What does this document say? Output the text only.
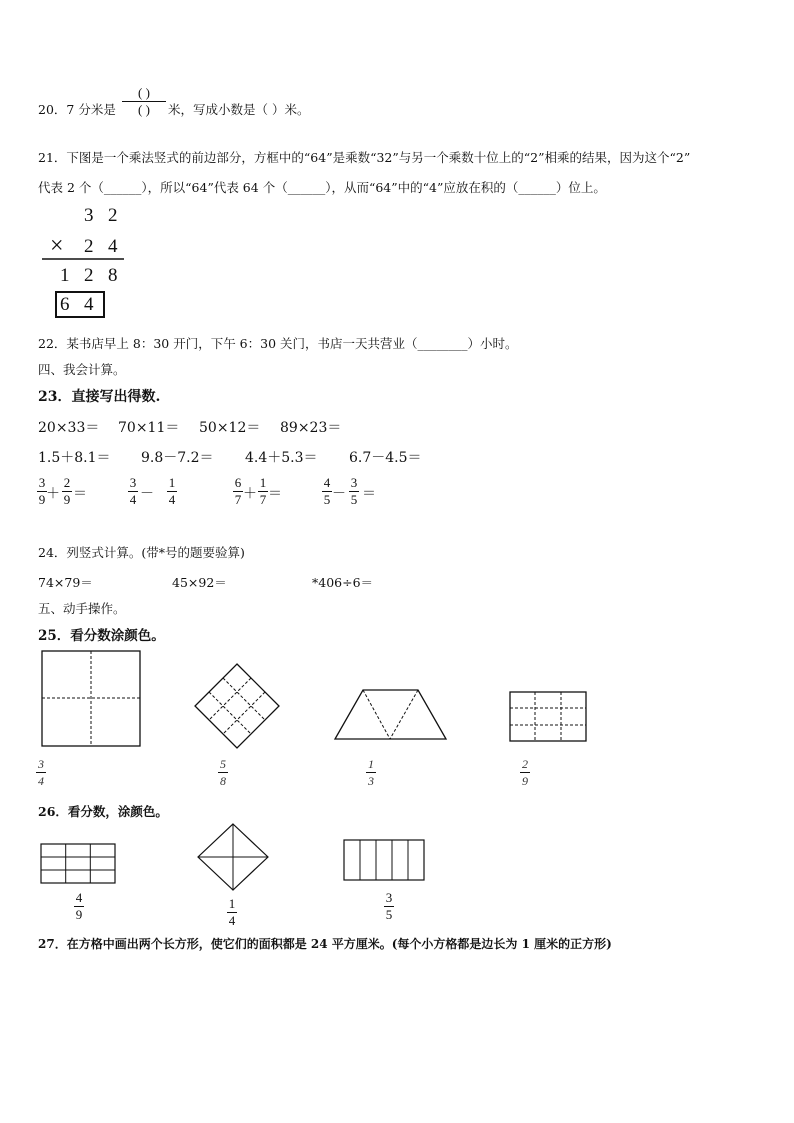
20．7 分米是
( )
( ) 米，写成小数是（ ）米。
21．下图是一个乘法竖式的前边部分，方框中的“64”是乘数“32”与另一个乘数十位上的“2”相乘的结果，因为这个“2”
代表 2 个（______），所以“64”代表 64 个（______），从而“64”中的“4”应放在积的（______）位上。
3 2
× 2 4
1 2 8
6 4
22．某书店早上 8：30 开门，下午 6：30 关门，书店一天共营业（________）小时。
四、我会计算。
23．直接写出得数.
20×33＝ 70×11＝ 50×12＝ 89×23＝
1.5＋8.1＝ 9.8－7.2＝ 4.4＋5.3＝ 6.7－4.5＝
3
9 ＋
2
9 ＝
3
4 －
1
4
6
7 ＋
1
7 ＝
4
5 －
3
5 ＝
24．列竖式计算。(带*号的题要验算)
74×79＝	45×92＝	*406÷6＝
五、动手操作。
25．看分数涂颜色。
3
4
5
8
1
3
2
9
26．看分数，涂颜色。
4
9
1
4
3
5
27．在方格中画出两个长方形，使它们的面积都是 24 平方厘米。(每个小方格都是边长为 1 厘米的正方形)
